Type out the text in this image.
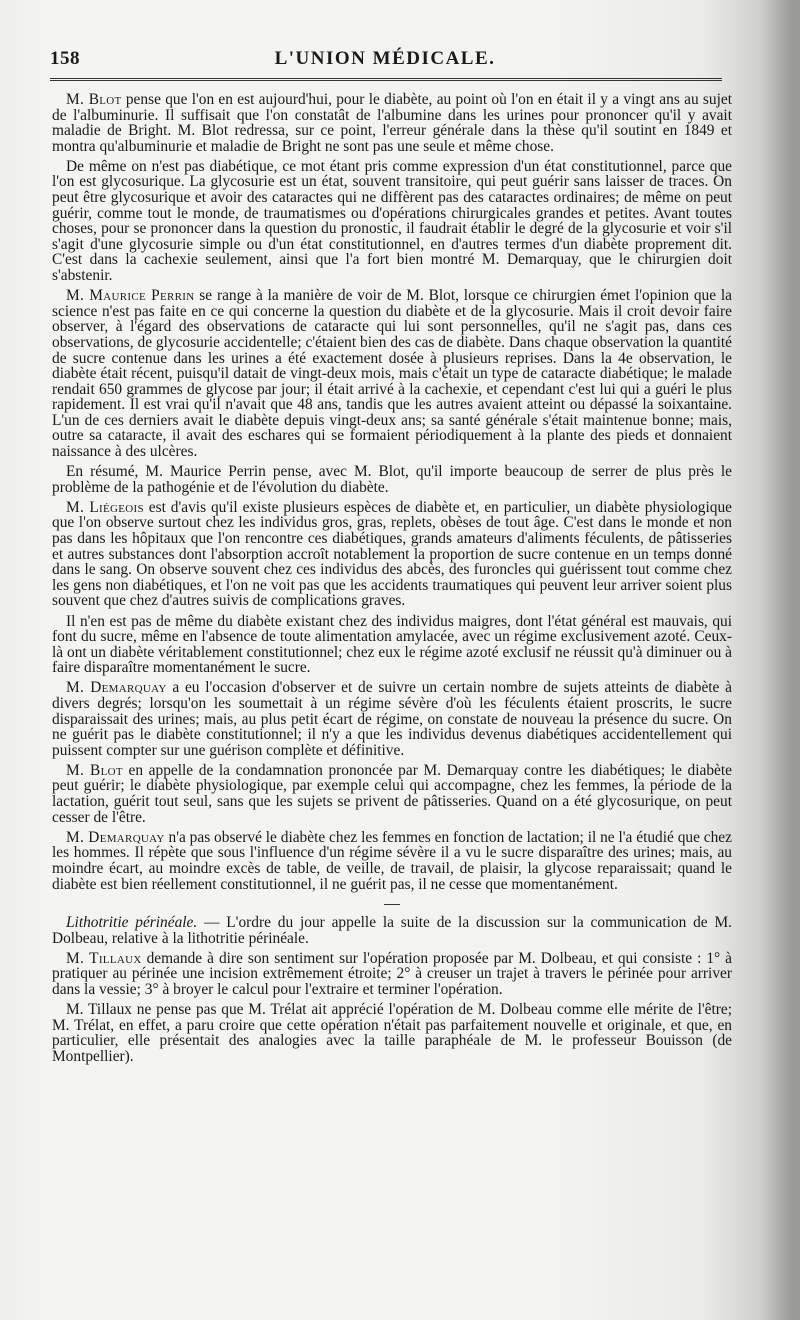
158	L'UNION MÉDICALE.

M. Blot pense que l'on en est aujourd'hui, pour le diabète, au point où l'on en était il y a vingt ans au sujet de l'albuminurie. Il suffisait que l'on constatât de l'albumine dans les urines pour prononcer qu'il y avait maladie de Bright. M. Blot redressa, sur ce point, l'erreur générale dans la thèse qu'il soutint en 1849 et montra qu'albuminurie et maladie de Bright ne sont pas une seule et même chose.

De même on n'est pas diabétique, ce mot étant pris comme expression d'un état constitutionnel, parce que l'on est glycosurique. La glycosurie est un état, souvent transitoire, qui peut guérir sans laisser de traces. On peut être glycosurique et avoir des cataractes qui ne diffèrent pas des cataractes ordinaires; de même on peut guérir, comme tout le monde, de traumatismes ou d'opérations chirurgicales grandes et petites. Avant toutes choses, pour se prononcer dans la question du pronostic, il faudrait établir le degré de la glycosurie et voir s'il s'agit d'une glycosurie simple ou d'un état constitutionnel, en d'autres termes d'un diabète proprement dit. C'est dans la cachexie seulement, ainsi que l'a fort bien montré M. Demarquay, que le chirurgien doit s'abstenir.

M. Maurice Perrin se range à la manière de voir de M. Blot, lorsque ce chirurgien émet l'opinion que la science n'est pas faite en ce qui concerne la question du diabète et de la glycosurie. Mais il croit devoir faire observer, à l'égard des observations de cataracte qui lui sont personnelles, qu'il ne s'agit pas, dans ces observations, de glycosurie accidentelle; c'étaient bien des cas de diabète. Dans chaque observation la quantité de sucre contenue dans les urines a été exactement dosée à plusieurs reprises. Dans la 4e observation, le diabète était récent, puisqu'il datait de vingt-deux mois, mais c'était un type de cataracte diabétique; le malade rendait 650 grammes de glycose par jour; il était arrivé à la cachexie, et cependant c'est lui qui a guéri le plus rapidement. Il est vrai qu'il n'avait que 48 ans, tandis que les autres avaient atteint ou dépassé la soixantaine. L'un de ces derniers avait le diabète depuis vingt-deux ans; sa santé générale s'était maintenue bonne; mais, outre sa cataracte, il avait des eschares qui se formaient périodiquement à la plante des pieds et donnaient naissance à des ulcères.

En résumé, M. Maurice Perrin pense, avec M. Blot, qu'il importe beaucoup de serrer de plus près le problème de la pathogénie et de l'évolution du diabète.

M. Liégeois est d'avis qu'il existe plusieurs espèces de diabète et, en particulier, un diabète physiologique que l'on observe surtout chez les individus gros, gras, replets, obèses de tout âge. C'est dans le monde et non pas dans les hôpitaux que l'on rencontre ces diabétiques, grands amateurs d'aliments féculents, de pâtisseries et autres substances dont l'absorption accroît notablement la proportion de sucre contenue en un temps donné dans le sang. On observe souvent chez ces individus des abcès, des furoncles qui guérissent tout comme chez les gens non diabétiques, et l'on ne voit pas que les accidents traumatiques qui peuvent leur arriver soient plus souvent que chez d'autres suivis de complications graves.

Il n'en est pas de même du diabète existant chez des individus maigres, dont l'état général est mauvais, qui font du sucre, même en l'absence de toute alimentation amylacée, avec un régime exclusivement azoté. Ceux-là ont un diabète véritablement constitutionnel; chez eux le régime azoté exclusif ne réussit qu'à diminuer ou à faire disparaître momentanément le sucre.

M. Demarquay a eu l'occasion d'observer et de suivre un certain nombre de sujets atteints de diabète à divers degrés; lorsqu'on les soumettait à un régime sévère d'où les féculents étaient proscrits, le sucre disparaissait des urines; mais, au plus petit écart de régime, on constate de nouveau la présence du sucre. On ne guérit pas le diabète constitutionnel; il n'y a que les individus devenus diabétiques accidentellement qui puissent compter sur une guérison complète et définitive.

M. Blot en appelle de la condamnation prononcée par M. Demarquay contre les diabétiques; le diabète peut guérir; le diabète physiologique, par exemple celui qui accompagne, chez les femmes, la période de la lactation, guérit tout seul, sans que les sujets se privent de pâtisseries. Quand on a été glycosurique, on peut cesser de l'être.

M. Demarquay n'a pas observé le diabète chez les femmes en fonction de lactation; il ne l'a étudié que chez les hommes. Il répète que sous l'influence d'un régime sévère il a vu le sucre disparaître des urines; mais, au moindre écart, au moindre excès de table, de veille, de travail, de plaisir, la glycose reparaissait; quand le diabète est bien réellement constitutionnel, il ne guérit pas, il ne cesse que momentanément.

Lithotritie périnéale. — L'ordre du jour appelle la suite de la discussion sur la communication de M. Dolbeau, relative à la lithotritie périnéale.

M. Tillaux demande à dire son sentiment sur l'opération proposée par M. Dolbeau, et qui consiste : 1° à pratiquer au périnée une incision extrêmement étroite; 2° à creuser un trajet à travers le périnée pour arriver dans la vessie; 3° à broyer le calcul pour l'extraire et terminer l'opération.

M. Tillaux ne pense pas que M. Trélat ait apprécié l'opération de M. Dolbeau comme elle mérite de l'être; M. Trélat, en effet, a paru croire que cette opération n'était pas parfaitement nouvelle et originale, et que, en particulier, elle présentait des analogies avec la taille paraphéale de M. le professeur Bouisson (de Montpellier).
